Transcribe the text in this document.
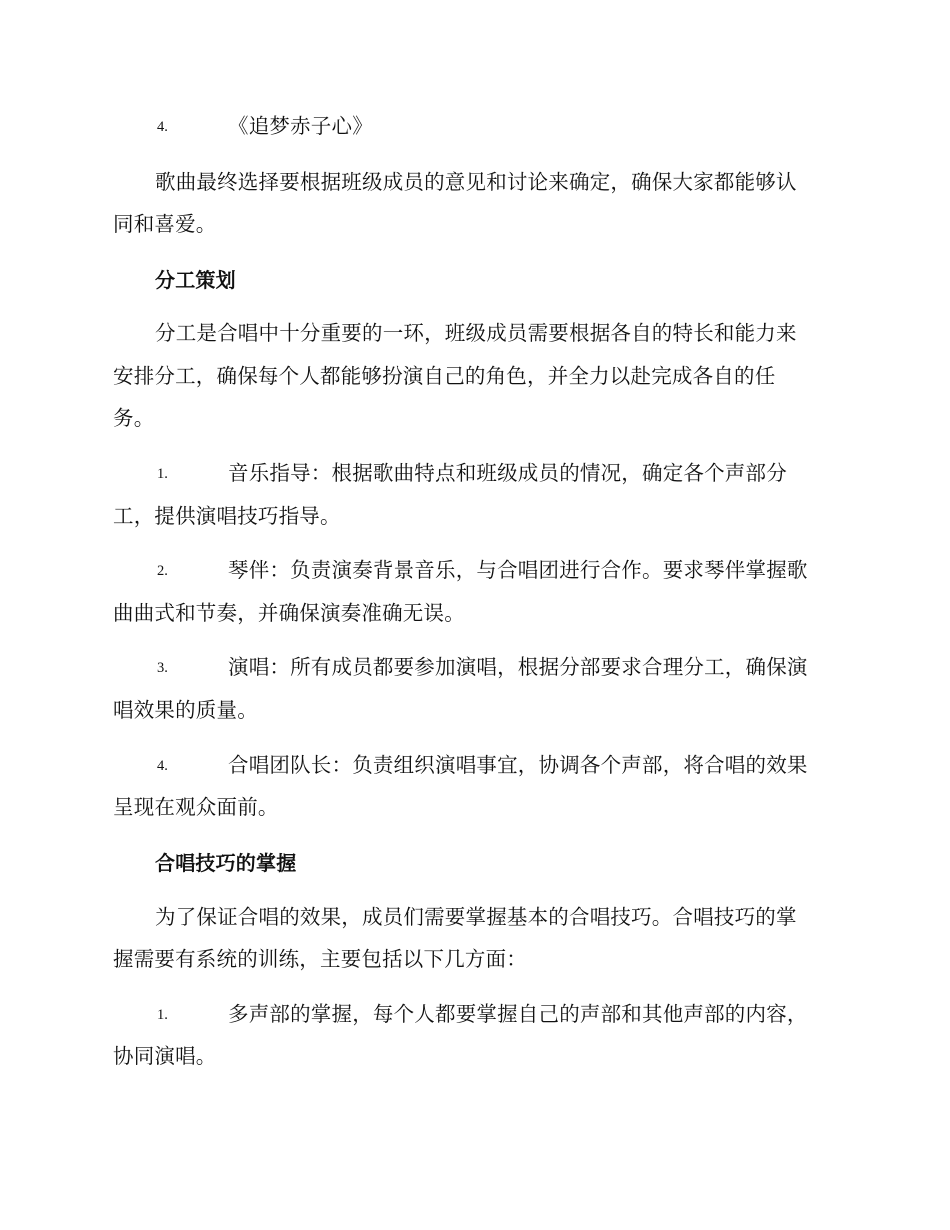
4.	《追梦赤子心》
歌曲最终选择要根据班级成员的意见和讨论来确定，确保大家都能够认
同和喜爱。
分工策划
分工是合唱中十分重要的一环，班级成员需要根据各自的特长和能力来
安排分工，确保每个人都能够扮演自己的角色，并全力以赴完成各自的任
务。
1.	音乐指导：根据歌曲特点和班级成员的情况，确定各个声部分
工，提供演唱技巧指导。
2.	琴伴：负责演奏背景音乐，与合唱团进行合作。要求琴伴掌握歌
曲曲式和节奏，并确保演奏准确无误。
3.	演唱：所有成员都要参加演唱，根据分部要求合理分工，确保演
唱效果的质量。
4.	合唱团队长：负责组织演唱事宜，协调各个声部，将合唱的效果
呈现在观众面前。
合唱技巧的掌握
为了保证合唱的效果，成员们需要掌握基本的合唱技巧。合唱技巧的掌
握需要有系统的训练，主要包括以下几方面：
1.	多声部的掌握，每个人都要掌握自己的声部和其他声部的内容，
协同演唱。
